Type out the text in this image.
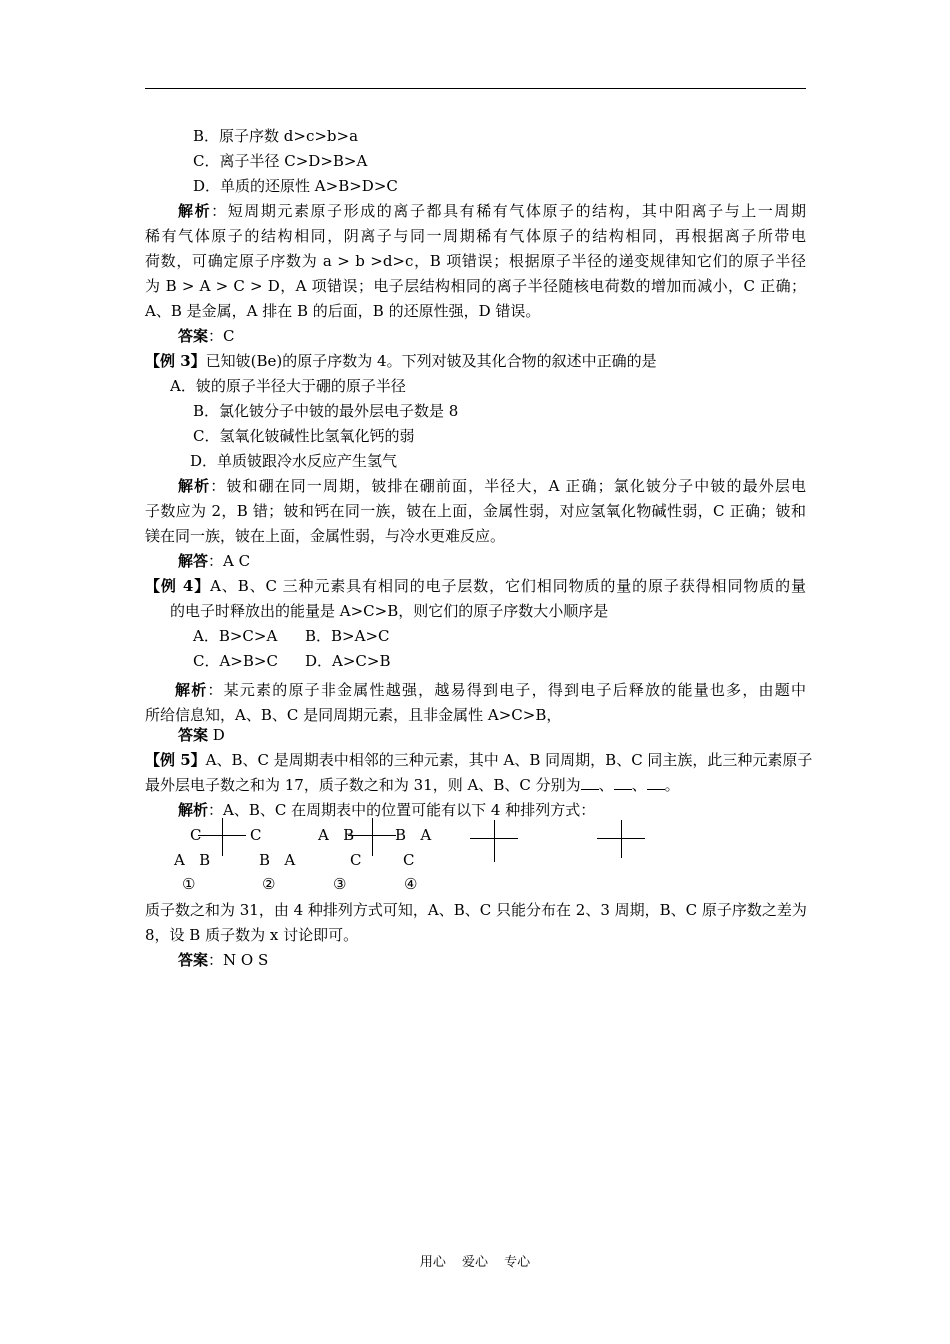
B．原子序数 d>c>b>a
C．离子半径 C>D>B>A
D．单质的还原性 A>B>D>C
解析：短周期元素原子形成的离子都具有稀有气体原子的结构，其中阳离子与上一周期
稀有气体原子的结构相同，阴离子与同一周期稀有气体原子的结构相同，再根据离子所带电
荷数，可确定原子序数为 a > b >d>c，B 项错误；根据原子半径的递变规律知它们的原子半径
为 B > A > C > D，A 项错误；电子层结构相同的离子半径随核电荷数的增加而减小，C 正确；
A、B 是金属，A 排在 B 的后面，B 的还原性强，D 错误。
答案：C
【例 3】已知铍(Be)的原子序数为 4。下列对铍及其化合物的叙述中正确的是
A．铍的原子半径大于硼的原子半径
B．氯化铍分子中铍的最外层电子数是 8
C．氢氧化铍碱性比氢氧化钙的弱
D．单质铍跟冷水反应产生氢气
解析：铍和硼在同一周期，铍排在硼前面，半径大，A 正确；氯化铍分子中铍的最外层电
子数应为 2，B 错；铍和钙在同一族，铍在上面，金属性弱，对应氢氧化物碱性弱，C 正确；铍和
镁在同一族，铍在上面，金属性弱，与冷水更难反应。
解答：A C
【例 4】A、B、C 三种元素具有相同的电子层数，它们相同物质的量的原子获得相同物质的量
的电子时释放出的能量是 A>C>B，则它们的原子序数大小顺序是
A．B>C>A B．B>A>C
C．A>B>C D．A>C>B
解析：某元素的原子非金属性越强，越易得到电子，得到电子后释放的能量也多，由题中
所给信息知，A、B、C 是同周期元素，且非金属性 A>C>B，
答案 D
【例 5】A、B、C 是周期表中相邻的三种元素，其中 A、B 同周期，B、C 同主族，此三种元素原子
最外层电子数之和为 17，质子数之和为 31，则 A、B、C 分别为 、 、 。
解析：A、B、C 在周期表中的位置可能有以下 4 种排列方式：
C	C
A   B	B   A
A   B
C
B   A
C
①	②	③	④
质子数之和为 31，由 4 种排列方式可知，A、B、C 只能分布在 2、3 周期，B、C 原子序数之差为
8，设 B 质子数为 x 讨论即可。
答案：N O S
用心 爱心 专心
